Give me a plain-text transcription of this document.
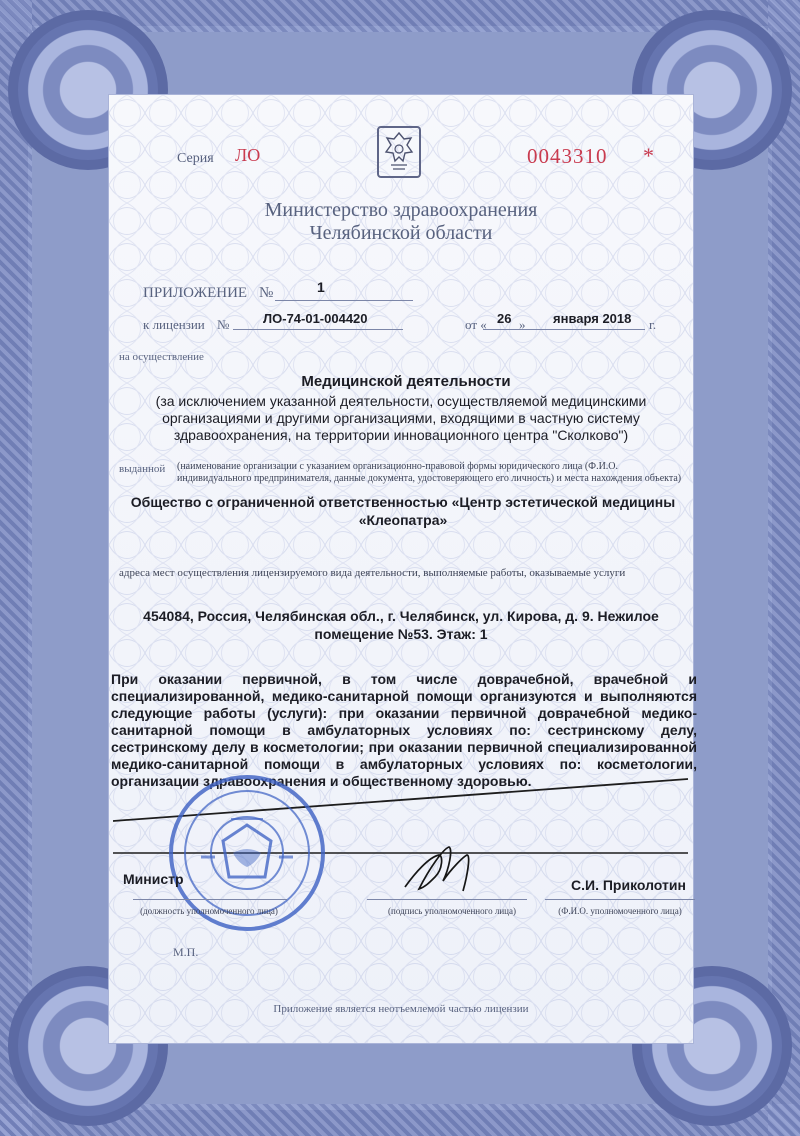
Серия ЛО	0043310 *
Министерство здравоохранения
Челябинской области
ПРИЛОЖЕНИЕ №	1
к лицензии №	ЛО-74-01-004420	от « 26 » января 2018 г.
на осуществление
Медицинской деятельности
(за исключением указанной деятельности, осуществляемой медицинскими организациями и другими организациями, входящими в частную систему здравоохранения, на территории инновационного центра "Сколково")
выданной (наименование организации с указанием организационно-правовой формы юридического лица (Ф.И.О. индивидуального предпринимателя, данные документа, удостоверяющего его личность) и места нахождения объекта)
Общество с ограниченной ответственностью «Центр эстетической медицины «Клеопатра»
адреса мест осуществления лицензируемого вида деятельности, выполняемые работы, оказываемые услуги
454084, Россия, Челябинская обл., г. Челябинск, ул. Кирова, д. 9. Нежилое помещение №53. Этаж: 1
При оказании первичной, в том числе доврачебной, врачебной и специализированной, медико-санитарной помощи организуются и выполняются следующие работы (услуги): при оказании первичной доврачебной медико-санитарной помощи в амбулаторных условиях по: сестринскому делу, сестринскому делу в косметологии; при оказании первичной специализированной медико-санитарной помощи в амбулаторных условиях по: косметологии, организации здравоохранения и общественному здоровью.
Министр	С.И. Приколотин
(должность уполномоченного лица)	(подпись уполномоченного лица)	(Ф.И.О. уполномоченного лица)
М.П.
Приложение является неотъемлемой частью лицензии
